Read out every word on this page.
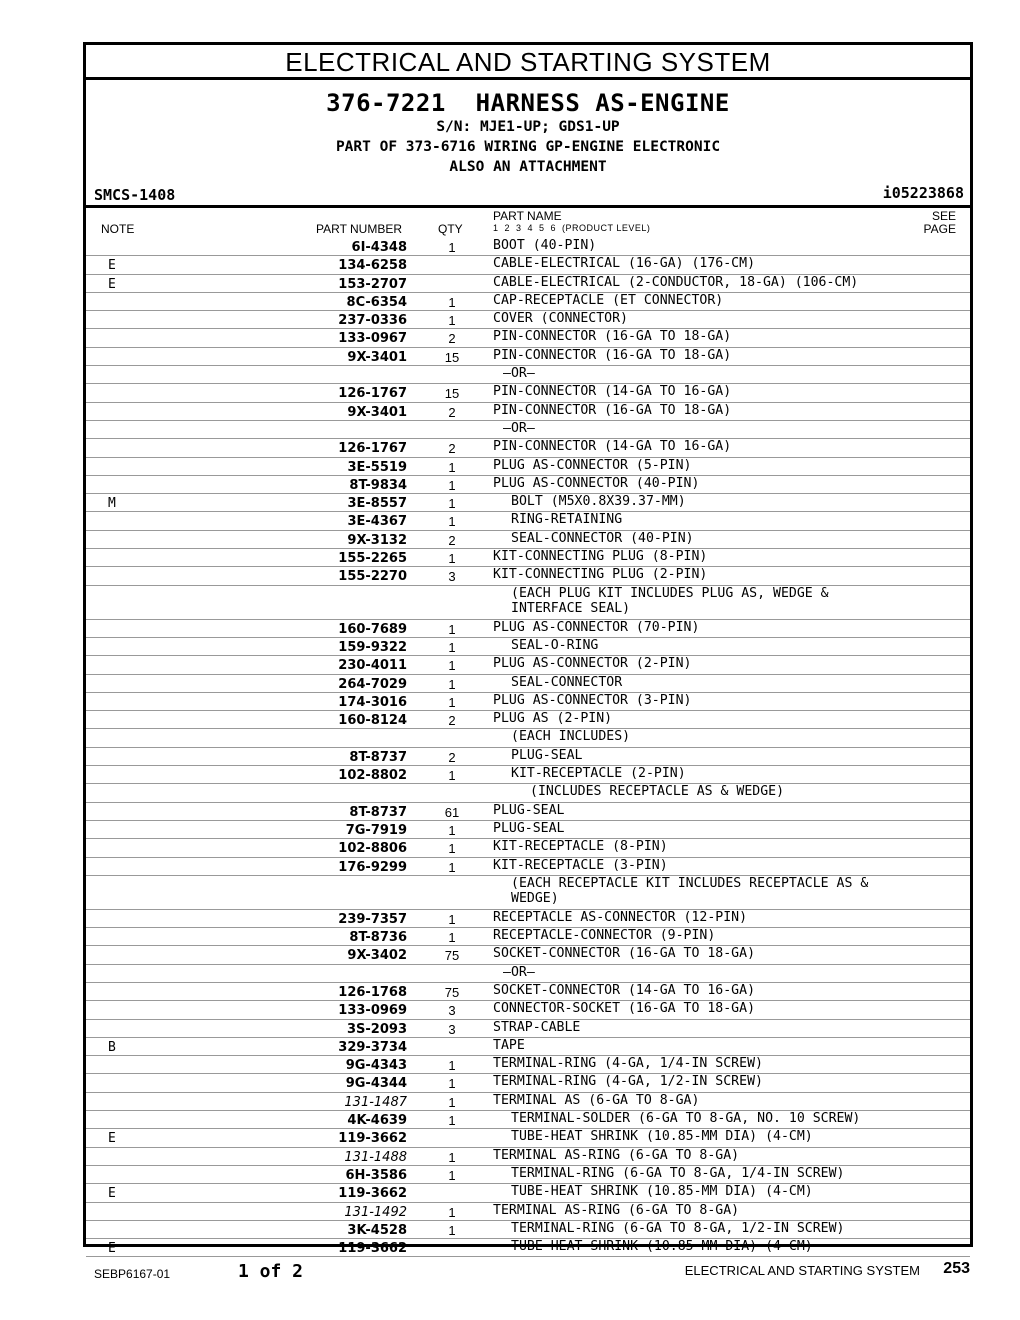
ELECTRICAL AND STARTING SYSTEM
376-7221  HARNESS AS-ENGINE
S/N: MJE1-UP; GDS1-UP
PART OF 373-6716 WIRING GP-ENGINE ELECTRONIC
ALSO AN ATTACHMENT
SMCS-1408	i05223868
NOTE	PART NUMBER	QTY
PART NAME
1  2  3  4  5  6  (PRODUCT LEVEL)
SEE
PAGE
6I-4348	1	BOOT (40-PIN)
E	134-6258	CABLE-ELECTRICAL (16-GA) (176-CM)
E	153-2707	CABLE-ELECTRICAL (2-CONDUCTOR, 18-GA) (106-CM)
8C-6354	1	CAP-RECEPTACLE (ET CONNECTOR)
237-0336	1	COVER (CONNECTOR)
133-0967	2	PIN-CONNECTOR (16-GA TO 18-GA)
9X-3401	15	PIN-CONNECTOR (16-GA TO 18-GA)
—OR—
126-1767	15	PIN-CONNECTOR (14-GA TO 16-GA)
9X-3401	2	PIN-CONNECTOR (16-GA TO 18-GA)
—OR—
126-1767	2	PIN-CONNECTOR (14-GA TO 16-GA)
3E-5519	1	PLUG AS-CONNECTOR (5-PIN)
8T-9834	1	PLUG AS-CONNECTOR (40-PIN)
M	3E-8557	1	BOLT (M5X0.8X39.37-MM)
3E-4367	1	RING-RETAINING
9X-3132	2	SEAL-CONNECTOR (40-PIN)
155-2265	1	KIT-CONNECTING PLUG (8-PIN)
155-2270	3	KIT-CONNECTING PLUG (2-PIN)
(EACH PLUG KIT INCLUDES PLUG AS, WEDGE &
INTERFACE SEAL)
160-7689	1	PLUG AS-CONNECTOR (70-PIN)
159-9322	1	SEAL-O-RING
230-4011	1	PLUG AS-CONNECTOR (2-PIN)
264-7029	1	SEAL-CONNECTOR
174-3016	1	PLUG AS-CONNECTOR (3-PIN)
160-8124	2	PLUG AS (2-PIN)
(EACH INCLUDES)
8T-8737	2	PLUG-SEAL
102-8802	1	KIT-RECEPTACLE (2-PIN)
(INCLUDES RECEPTACLE AS & WEDGE)
8T-8737	61	PLUG-SEAL
7G-7919	1	PLUG-SEAL
102-8806	1	KIT-RECEPTACLE (8-PIN)
176-9299	1	KIT-RECEPTACLE (3-PIN)
(EACH RECEPTACLE KIT INCLUDES RECEPTACLE AS &
WEDGE)
239-7357	1	RECEPTACLE AS-CONNECTOR (12-PIN)
8T-8736	1	RECEPTACLE-CONNECTOR (9-PIN)
9X-3402	75	SOCKET-CONNECTOR (16-GA TO 18-GA)
—OR—
126-1768	75	SOCKET-CONNECTOR (14-GA TO 16-GA)
133-0969	3	CONNECTOR-SOCKET (16-GA TO 18-GA)
3S-2093	3	STRAP-CABLE
B	329-3734	TAPE
9G-4343	1	TERMINAL-RING (4-GA, 1/4-IN SCREW)
9G-4344	1	TERMINAL-RING (4-GA, 1/2-IN SCREW)
131-1487	1	TERMINAL AS (6-GA TO 8-GA)
4K-4639	1	TERMINAL-SOLDER (6-GA TO 8-GA, NO. 10 SCREW)
E	119-3662	TUBE-HEAT SHRINK (10.85-MM DIA) (4-CM)
131-1488	1	TERMINAL AS-RING (6-GA TO 8-GA)
6H-3586	1	TERMINAL-RING (6-GA TO 8-GA, 1/4-IN SCREW)
E	119-3662	TUBE-HEAT SHRINK (10.85-MM DIA) (4-CM)
131-1492	1	TERMINAL AS-RING (6-GA TO 8-GA)
3K-4528	1	TERMINAL-RING (6-GA TO 8-GA, 1/2-IN SCREW)
E	119-3662	TUBE-HEAT SHRINK (10.85-MM DIA) (4-CM)
SEBP6167-01	1 of 2	ELECTRICAL AND STARTING SYSTEM 253
